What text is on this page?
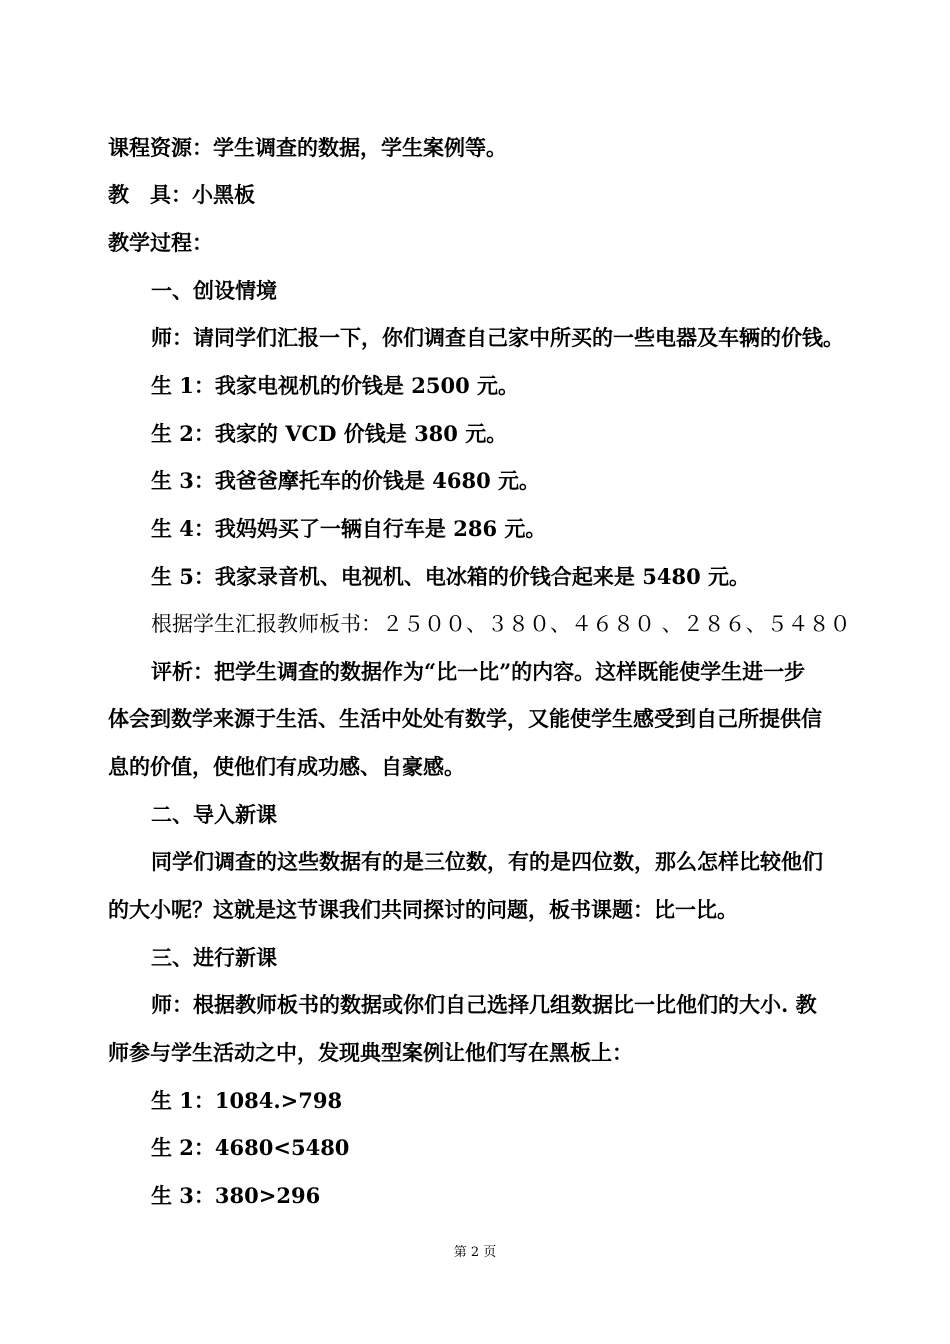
课程资源：学生调查的数据，学生案例等。
教　具：小黑板
教学过程：
一、创设情境
师：请同学们汇报一下，你们调查自己家中所买的一些电器及车辆的价钱。
生 1：我家电视机的价钱是 2500 元。
生 2：我家的 VCD 价钱是 380 元。
生 3：我爸爸摩托车的价钱是 4680 元。
生 4：我妈妈买了一辆自行车是 286 元。
生 5：我家录音机、电视机、电冰箱的价钱合起来是 5480 元。
根据学生汇报教师板书：２５００、３８０、４６８０ 、２８６、５４８０
评析：把学生调查的数据作为“比一比”的内容。这样既能使学生进一步
体会到数学来源于生活、生活中处处有数学，又能使学生感受到自己所提供信
息的价值，使他们有成功感、自豪感。
二、导入新课
同学们调查的这些数据有的是三位数，有的是四位数，那么怎样比较他们
的大小呢？这就是这节课我们共同探讨的问题，板书课题：比一比。
三、进行新课
师：根据教师板书的数据或你们自己选择几组数据比一比他们的大小. 教
师参与学生活动之中，发现典型案例让他们写在黑板上：
生 1：1084.>798
生 2：4680<5480
生 3：380>296
第 2 页
